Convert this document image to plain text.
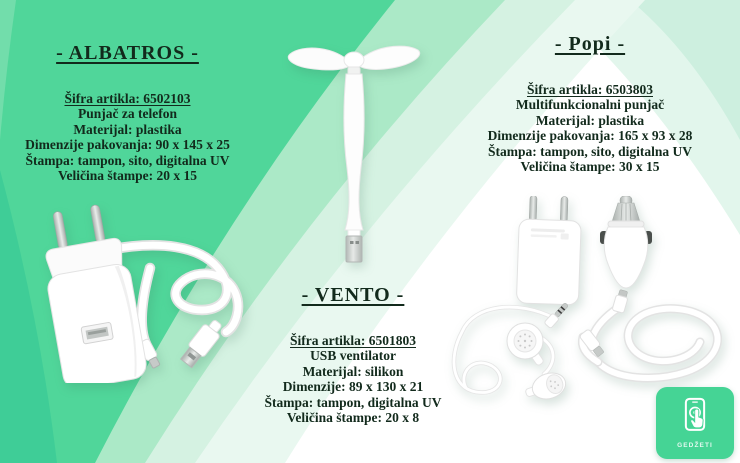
- ALBATROS -
Šifra artikla: 6502103
Punjač za telefon
Materijal: plastika
Dimenzije pakovanja: 90 x 145 x 25
Štampa: tampon, sito, digitalna UV
Veličina štampe: 20 x 15
- Popi -
Šifra artikla: 6503803
Multifunkcionalni punjač
Materijal: plastika
Dimenzije pakovanja: 165 x 93 x 28
Štampa: tampon, sito, digitalna UV
Veličina štampe: 30 x 15
- VENTO -
Šifra artikla: 6501803
USB ventilator
Materijal: silikon
Dimenzije: 89 x 130 x 21
Štampa: tampon, digitalna UV
Veličina štampe: 20 x 8
GEDŽETI
